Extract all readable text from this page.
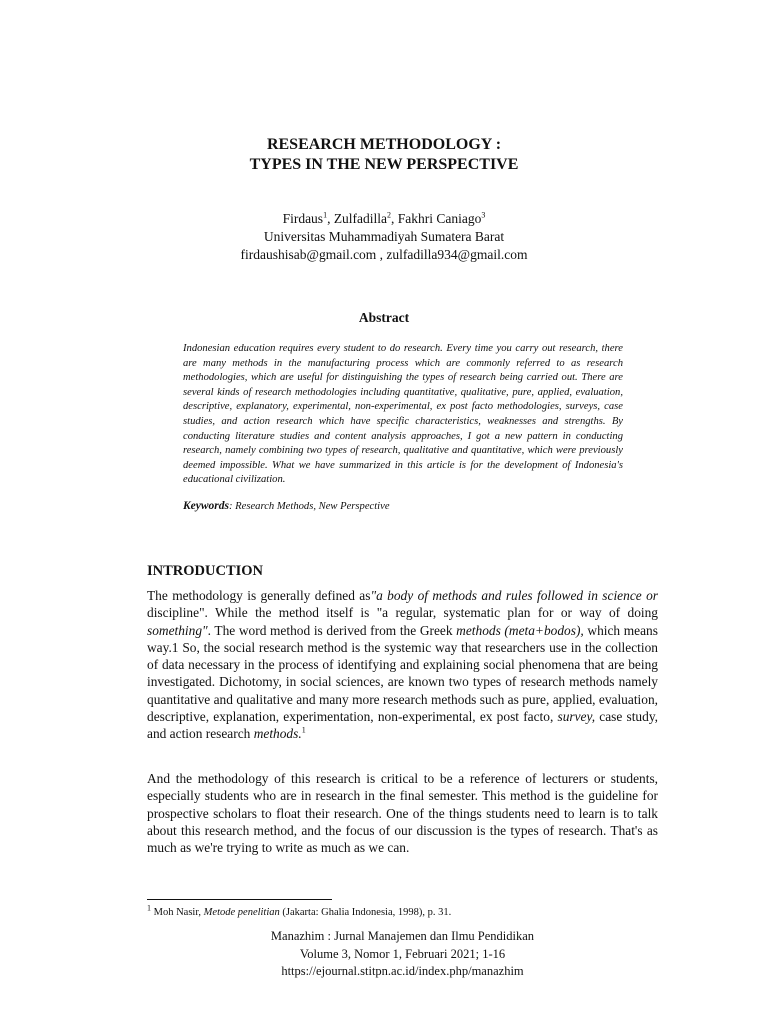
RESEARCH METHODOLOGY :
TYPES IN THE NEW PERSPECTIVE
Firdaus$^1$, Zulfadilla$^2$, Fakhri Caniago$^3$
Universitas Muhammadiyah Sumatera Barat
firdaushisab@gmail.com , zulfadilla934@gmail.com
Abstract

Indonesian education requires every student to do research. Every time you carry out research, there are many methods in the manufacturing process which are commonly referred to as research methodologies, which are useful for distinguishing the types of research being carried out. There are several kinds of research methodologies including quantitative, qualitative, pure, applied, evaluation, descriptive, explanatory, experimental, non-experimental, ex post facto methodologies, surveys, case studies, and action research which have specific characteristics, weaknesses and strengths. By conducting literature studies and content analysis approaches, I got a new pattern in conducting research, namely combining two types of research, qualitative and quantitative, which were previously deemed impossible. What we have summarized in this article is for the development of Indonesia's educational civilization.

Keywords: Research Methods, New Perspective

INTRODUCTION

The methodology is generally defined as"a body of methods and rules followed in science or discipline". While the method itself is "a regular, systematic plan for or way of doing something". The word method is derived from the Greek methods (meta+bodos), which means way.1 So, the social research method is the systemic way that researchers use in the collection of data necessary in the process of identifying and explaining social phenomena that are being investigated. Dichotomy, in social sciences, are known two types of research methods namely quantitative and qualitative and many more research methods such as pure, applied, evaluation, descriptive, explanation, experimentation, non-experimental, ex post facto, survey, case study, and action research methods.$^1$

And the methodology of this research is critical to be a reference of lecturers or students, especially students who are in research in the final semester. This method is the guideline for prospective scholars to float their research. One of the things students need to learn is to talk about this research method, and the focus of our discussion is the types of research. That's as much as we're trying to write as much as we can.

$^1$ Moh Nasir, Metode penelitian (Jakarta: Ghalia Indonesia, 1998), p. 31.

Manazhim : Jurnal Manajemen dan Ilmu Pendidikan
Volume 3, Nomor 1, Februari 2021; 1-16
https://ejournal.stitpn.ac.id/index.php/manazhim
